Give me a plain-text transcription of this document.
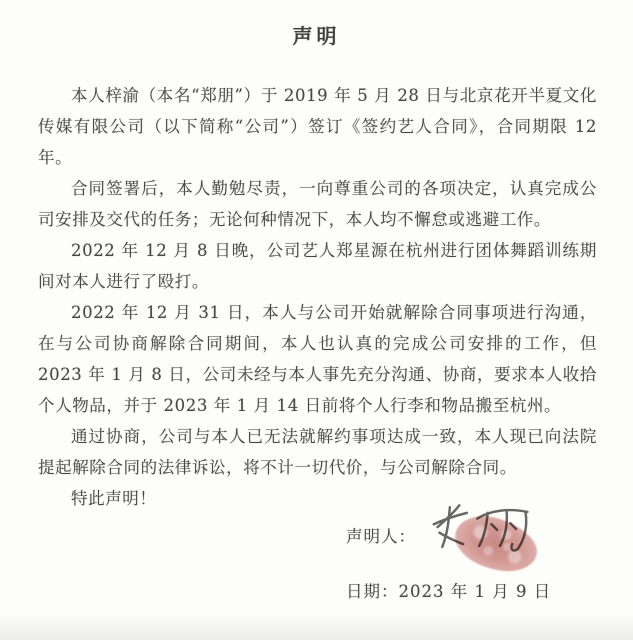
声明

本人梓渝（本名“郑朋”）于 2019 年 5 月 28 日与北京花开半夏文化传媒有限公司（以下简称“公司”）签订《签约艺人合同》，合同期限 12 年。

合同签署后，本人勤勉尽责，一向尊重公司的各项决定，认真完成公司安排及交代的任务；无论何种情况下，本人均不懈怠或逃避工作。

2022 年 12 月 8 日晚，公司艺人郑星源在杭州进行团体舞蹈训练期间对本人进行了殴打。

2022 年 12 月 31 日，本人与公司开始就解除合同事项进行沟通，在与公司协商解除合同期间，本人也认真的完成公司安排的工作，但 2023 年 1 月 8 日，公司未经与本人事先充分沟通、协商，要求本人收拾个人物品，并于 2023 年 1 月 14 日前将个人行李和物品搬至杭州。

通过协商，公司与本人已无法就解约事项达成一致，本人现已向法院提起解除合同的法律诉讼，将不计一切代价，与公司解除合同。

特此声明！

声明人：
日期：2023 年 1 月 9 日
